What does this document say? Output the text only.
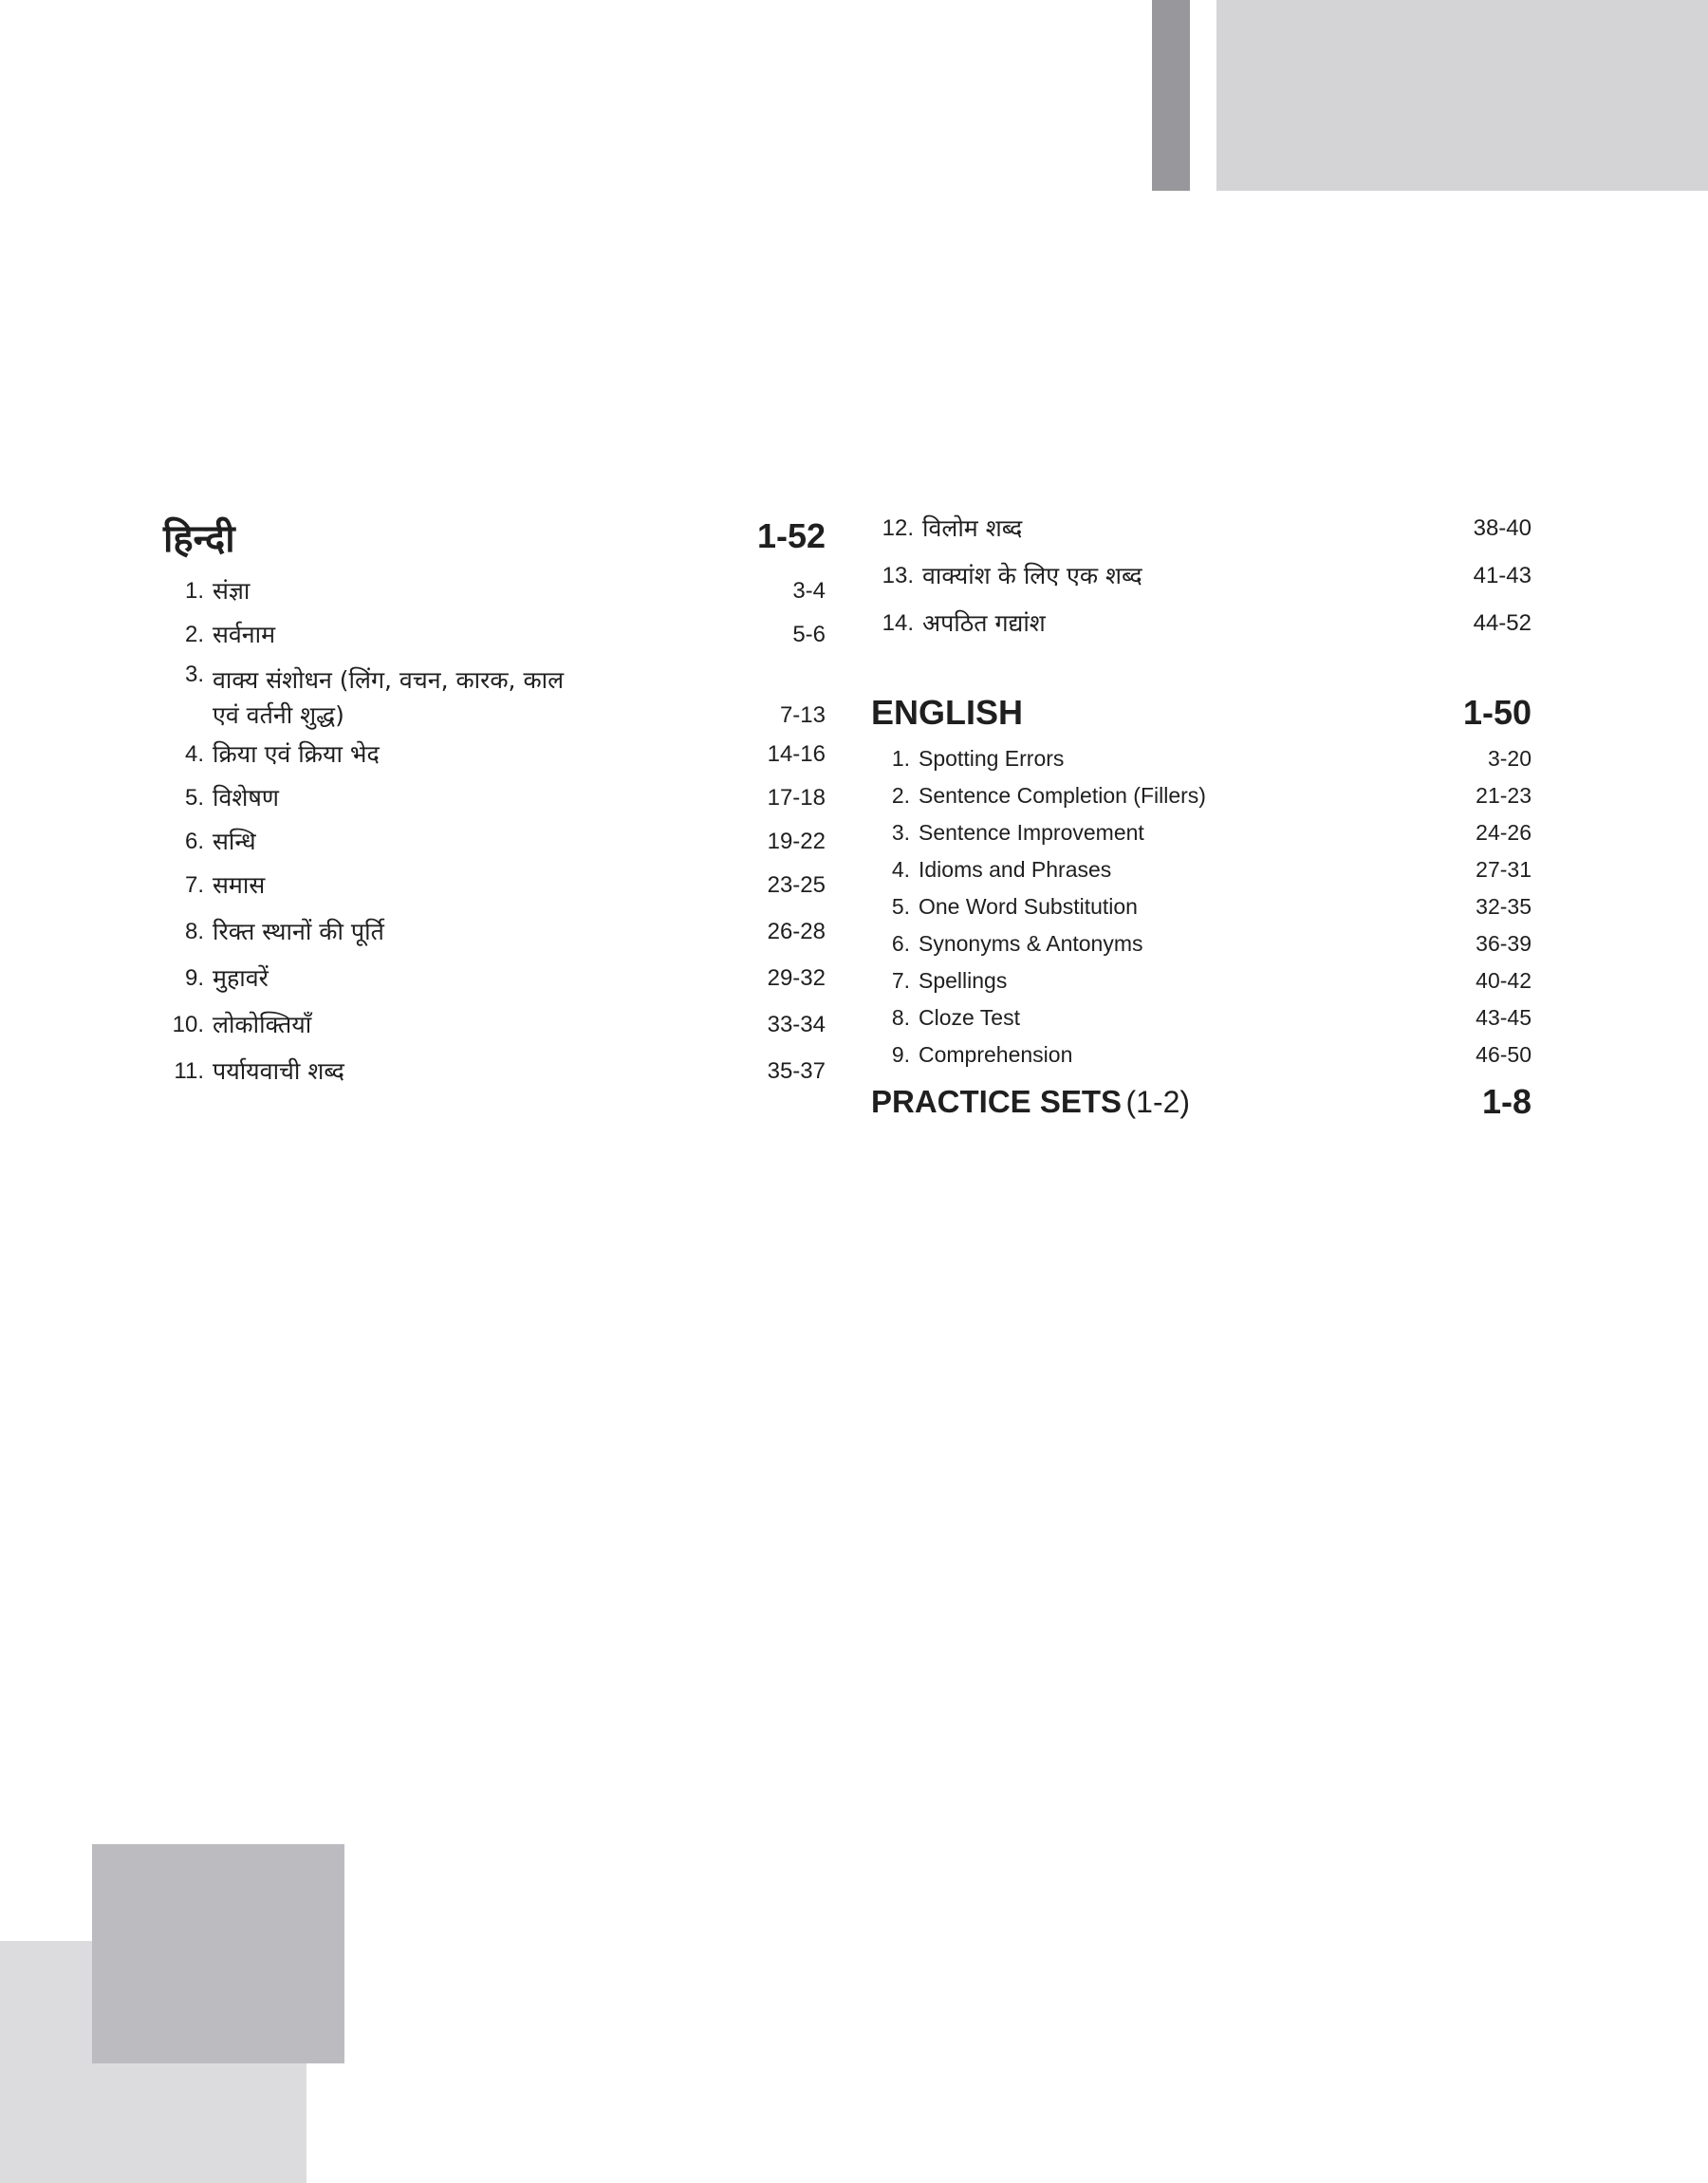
हिन्दी	1-52
1. संज्ञा	3-4
2. सर्वनाम	5-6
3. वाक्य संशोधन (लिंग, वचन, कारक, काल
एवं वर्तनी शुद्ध)	7-13
4. क्रिया एवं क्रिया भेद	14-16
5. विशेषण	17-18
6. सन्धि	19-22
7. समास	23-25
8. रिक्त स्थानों की पूर्ति	26-28
9. मुहावरें	29-32
10. लोकोक्तियाँ	33-34
11. पर्यायवाची शब्द	35-37
12. विलोम शब्द	38-40
13. वाक्यांश के लिए एक शब्द	41-43
14. अपठित गद्यांश	44-52
ENGLISH	1-50
1. Spotting Errors	3-20
2. Sentence Completion (Fillers)	21-23
3. Sentence Improvement	24-26
4. Idioms and Phrases	27-31
5. One Word Substitution	32-35
6. Synonyms & Antonyms	36-39
7. Spellings	40-42
8. Cloze Test	43-45
9. Comprehension	46-50
PRACTICE SETS (1-2)	1-8
